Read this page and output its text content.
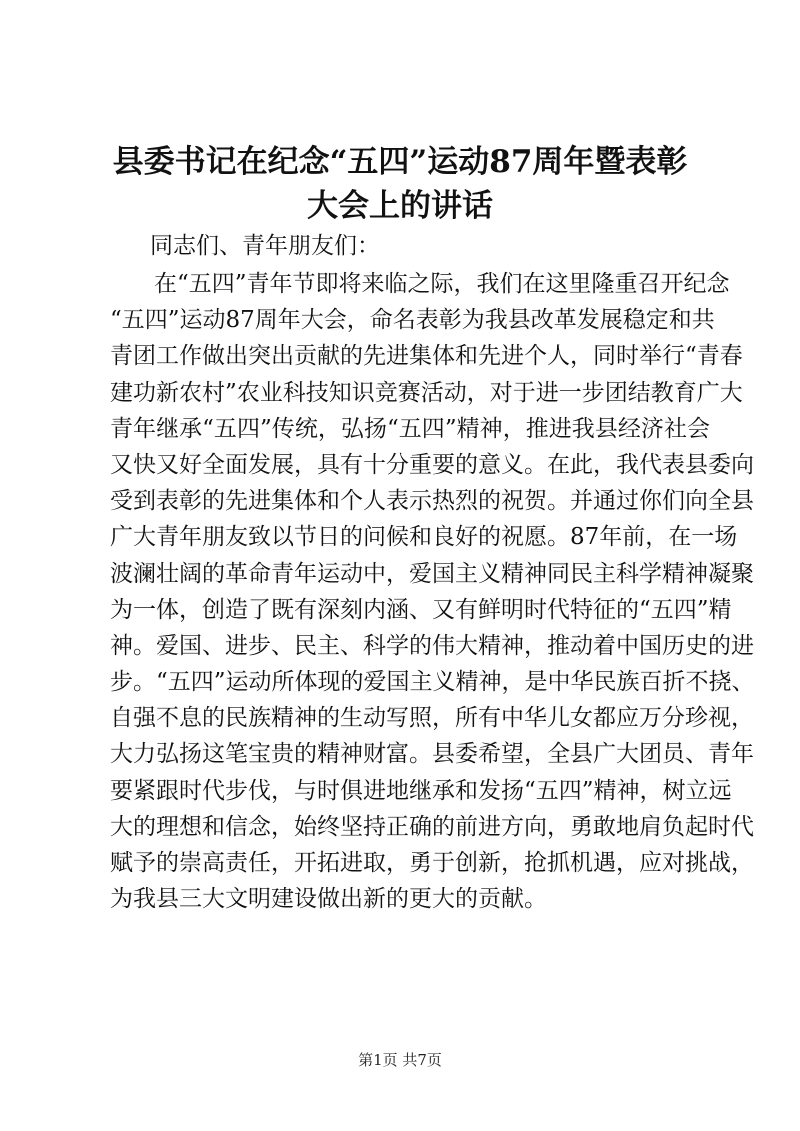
县委书记在纪念“五四”运动87周年暨表彰
大会上的讲话
同志们、青年朋友们：
在“五四”青年节即将来临之际，我们在这里隆重召开纪念
“五四”运动87周年大会，命名表彰为我县改革发展稳定和共
青团工作做出突出贡献的先进集体和先进个人，同时举行“青春
建功新农村”农业科技知识竞赛活动，对于进一步团结教育广大
青年继承“五四”传统，弘扬“五四”精神，推进我县经济社会
又快又好全面发展，具有十分重要的意义。在此，我代表县委向
受到表彰的先进集体和个人表示热烈的祝贺。并通过你们向全县
广大青年朋友致以节日的问候和良好的祝愿。87年前，在一场
波澜壮阔的革命青年运动中，爱国主义精神同民主科学精神凝聚
为一体，创造了既有深刻内涵、又有鲜明时代特征的“五四”精
神。爱国、进步、民主、科学的伟大精神，推动着中国历史的进
步。“五四”运动所体现的爱国主义精神，是中华民族百折不挠、
自强不息的民族精神的生动写照，所有中华儿女都应万分珍视，
大力弘扬这笔宝贵的精神财富。县委希望，全县广大团员、青年
要紧跟时代步伐，与时俱进地继承和发扬“五四”精神，树立远
大的理想和信念，始终坚持正确的前进方向，勇敢地肩负起时代
赋予的崇高责任，开拓进取，勇于创新，抢抓机遇，应对挑战，
为我县三大文明建设做出新的更大的贡献。
第1页 共7页
